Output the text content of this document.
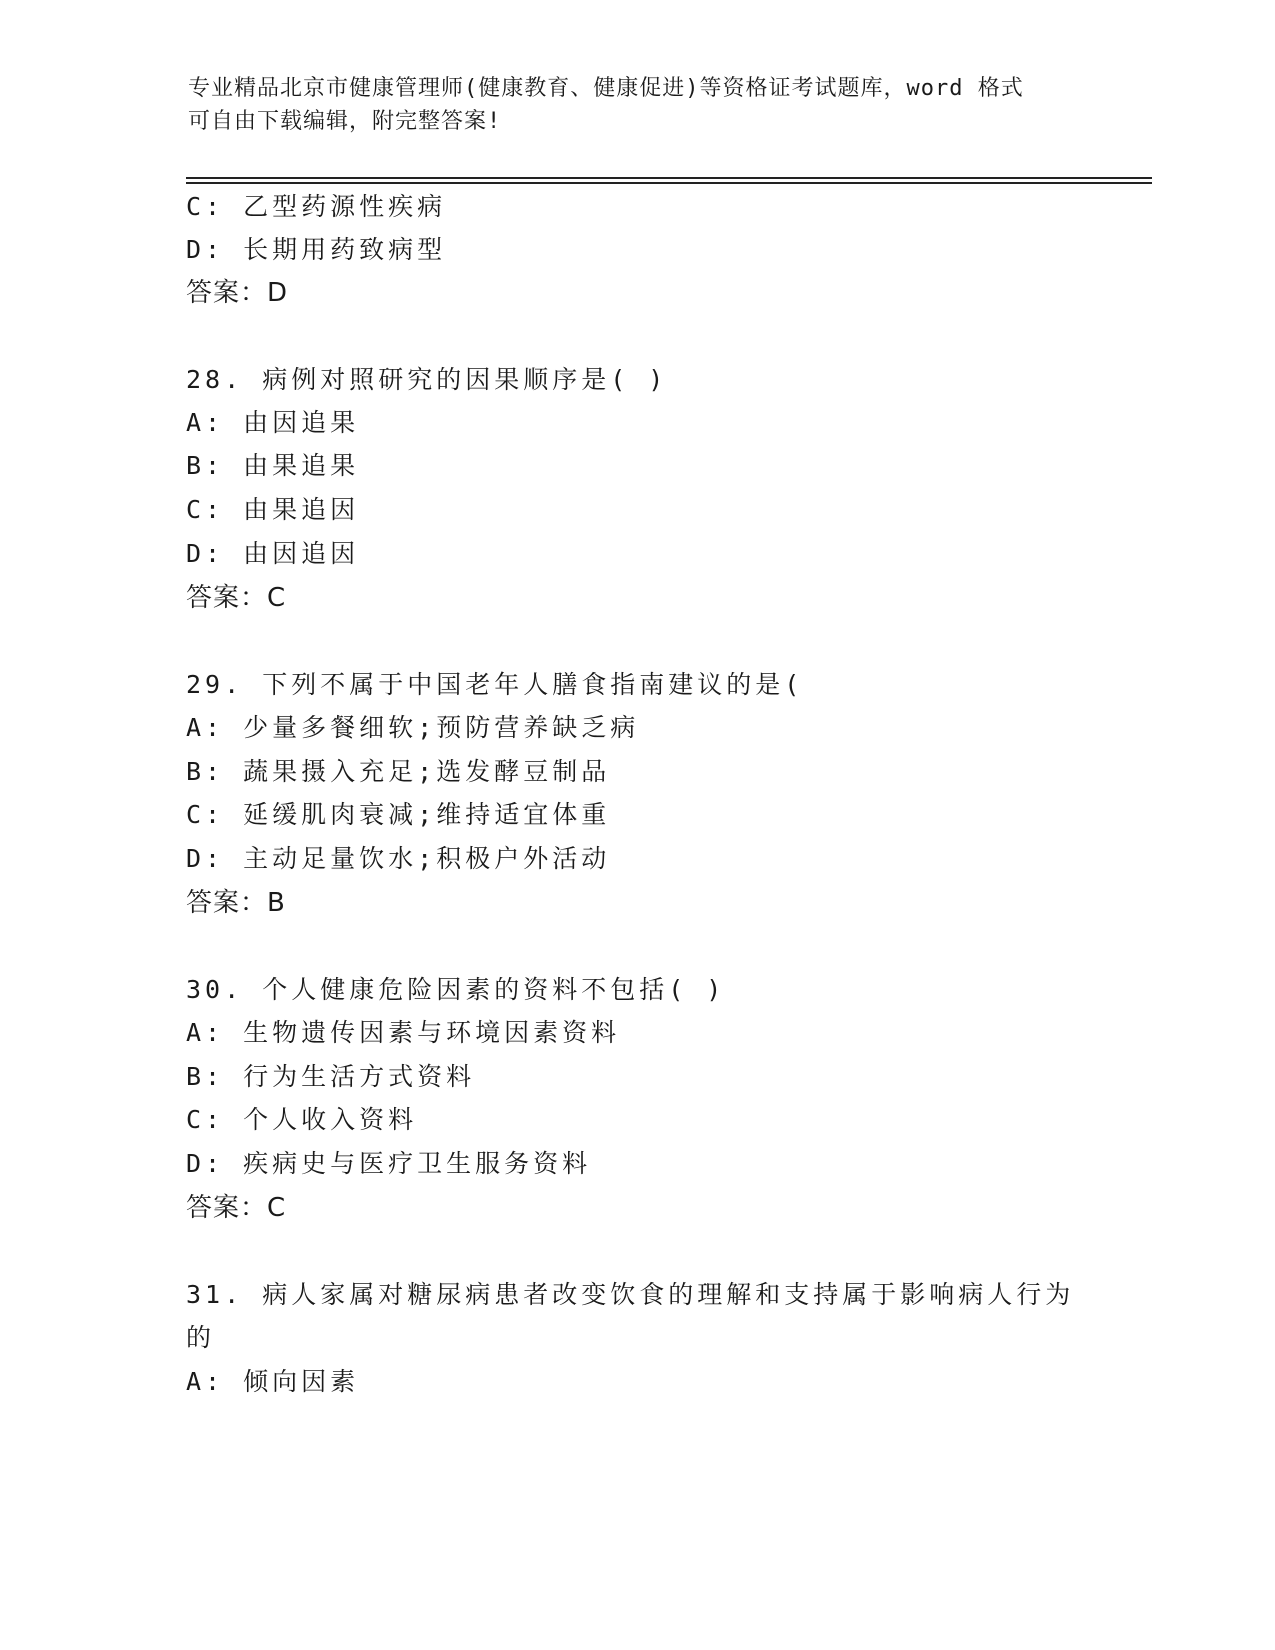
专业精品北京市健康管理师(健康教育、健康促进)等资格证考试题库，word 格式
可自由下载编辑，附完整答案!
C: 乙型药源性疾病
D: 长期用药致病型
答案：D
28. 病例对照研究的因果顺序是( )
A: 由因追果
B: 由果追果
C: 由果追因
D: 由因追因
答案：C
29. 下列不属于中国老年人膳食指南建议的是(
A: 少量多餐细软;预防营养缺乏病
B: 蔬果摄入充足;选发酵豆制品
C: 延缓肌肉衰减;维持适宜体重
D: 主动足量饮水;积极户外活动
答案：B
30. 个人健康危险因素的资料不包括( )
A: 生物遗传因素与环境因素资料
B: 行为生活方式资料
C: 个人收入资料
D: 疾病史与医疗卫生服务资料
答案：C
31. 病人家属对糖尿病患者改变饮食的理解和支持属于影响病人行为
的
A: 倾向因素
